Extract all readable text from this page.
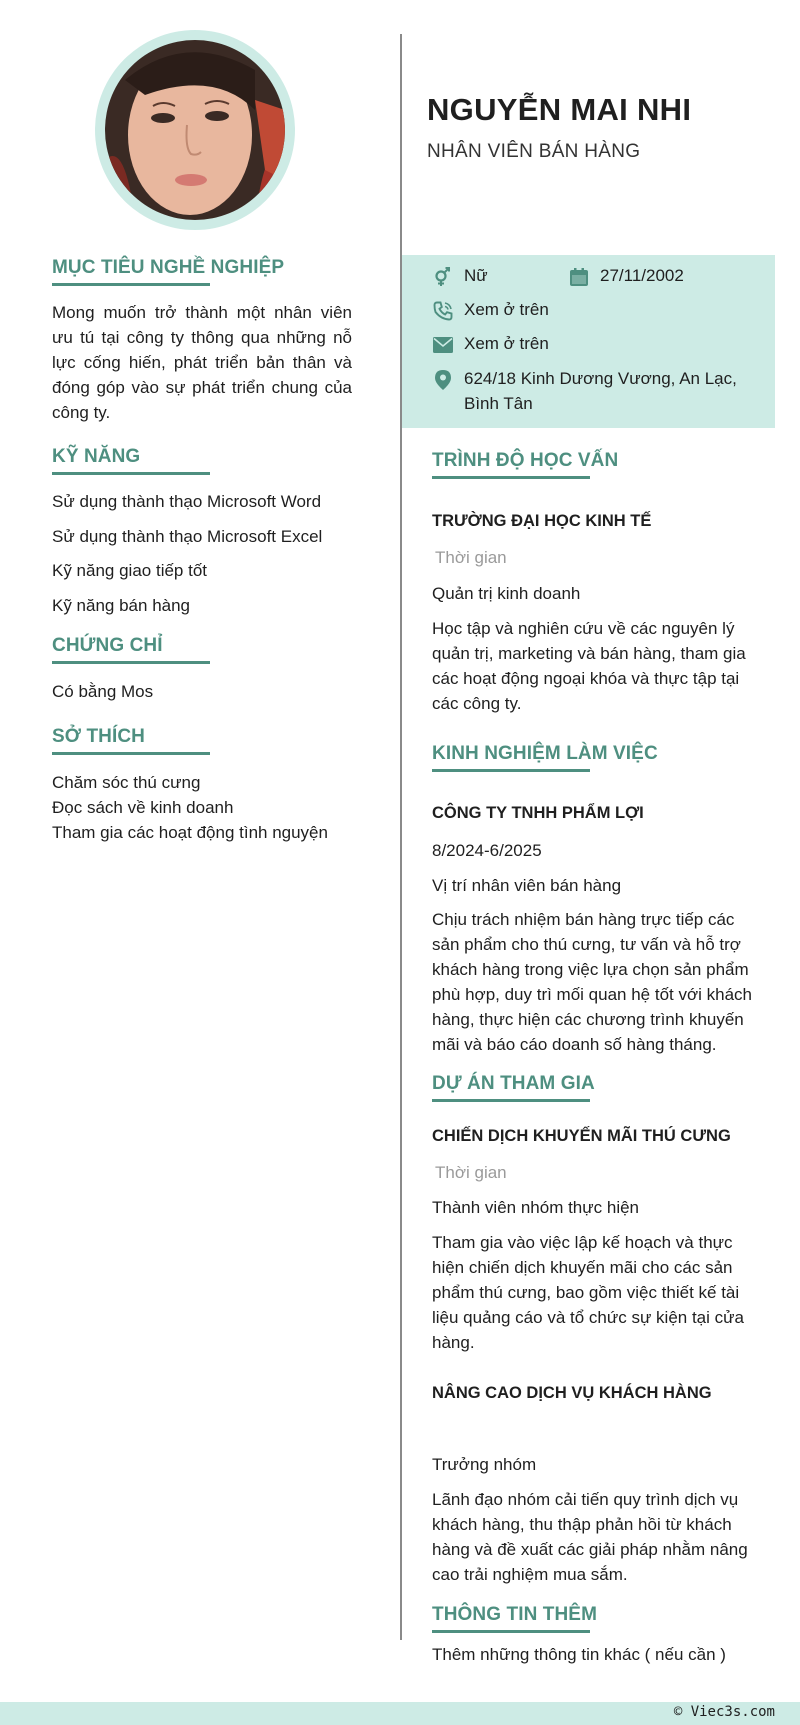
NGUYỄN MAI NHI
NHÂN VIÊN BÁN HÀNG
Nữ	27/11/2002
Xem ở trên
Xem ở trên
624/18 Kinh Dương Vương, An Lạc,
Bình Tân
MỤC TIÊU NGHỀ NGHIỆP
Mong muốn trở thành một nhân viên ưu tú tại công ty thông qua những nỗ lực cống hiến, phát triển bản thân và đóng góp vào sự phát triển chung của công ty.
KỸ NĂNG
Sử dụng thành thạo Microsoft Word
Sử dụng thành thạo Microsoft Excel
Kỹ năng giao tiếp tốt
Kỹ năng bán hàng
CHỨNG CHỈ
Có bằng Mos
SỞ THÍCH
Chăm sóc thú cưng
Đọc sách về kinh doanh
Tham gia các hoạt động tình nguyện
TRÌNH ĐỘ HỌC VẤN
TRƯỜNG ĐẠI HỌC KINH TẾ
Thời gian
Quản trị kinh doanh
Học tập và nghiên cứu về các nguyên lý quản trị, marketing và bán hàng, tham gia các hoạt động ngoại khóa và thực tập tại các công ty.
KINH NGHIỆM LÀM VIỆC
CÔNG TY TNHH PHẨM LỢI
8/2024-6/2025
Vị trí nhân viên bán hàng
Chịu trách nhiệm bán hàng trực tiếp các sản phẩm cho thú cưng, tư vấn và hỗ trợ khách hàng trong việc lựa chọn sản phẩm phù hợp, duy trì mối quan hệ tốt với khách hàng, thực hiện các chương trình khuyến mãi và báo cáo doanh số hàng tháng.
DỰ ÁN THAM GIA
CHIẾN DỊCH KHUYẾN MÃI THÚ CƯNG
Thời gian
Thành viên nhóm thực hiện
Tham gia vào việc lập kế hoạch và thực hiện chiến dịch khuyến mãi cho các sản phẩm thú cưng, bao gồm việc thiết kế tài liệu quảng cáo và tổ chức sự kiện tại cửa hàng.
NÂNG CAO DỊCH VỤ KHÁCH HÀNG
Trưởng nhóm
Lãnh đạo nhóm cải tiến quy trình dịch vụ khách hàng, thu thập phản hồi từ khách hàng và đề xuất các giải pháp nhằm nâng cao trải nghiệm mua sắm.
THÔNG TIN THÊM
Thêm những thông tin khác ( nếu cần )
© Viec3s.com
